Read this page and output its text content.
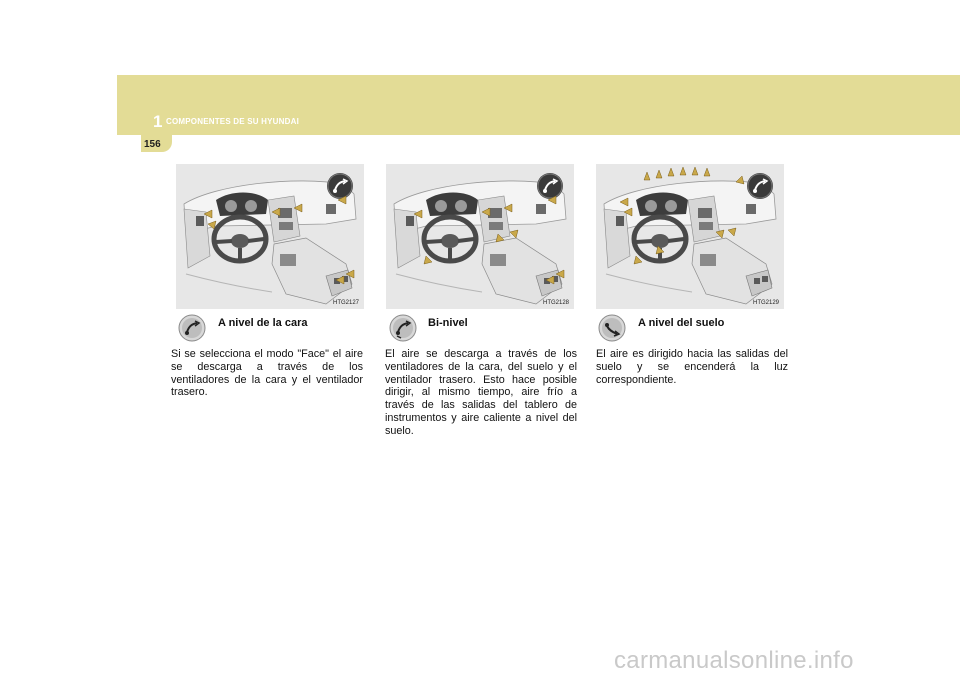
1 COMPONENTES DE SU HYUNDAI
156
HTG2127	HTG2128	HTG2129
A nivel de la cara

Si se selecciona el modo "Face" el aire se descarga a través de los ventiladores de la cara y el ventilador trasero.

Bi-nivel

El aire se descarga a través de los ventiladores de la cara, del suelo y el ventilador trasero. Esto hace posible dirigir, al mismo tiempo, aire frío a través de las salidas del tablero de instrumentos y aire caliente a nivel del suelo.

A nivel del suelo

El aire es dirigido hacia las salidas del suelo y se encenderá la luz correspondiente.

carmanualsonline.info
